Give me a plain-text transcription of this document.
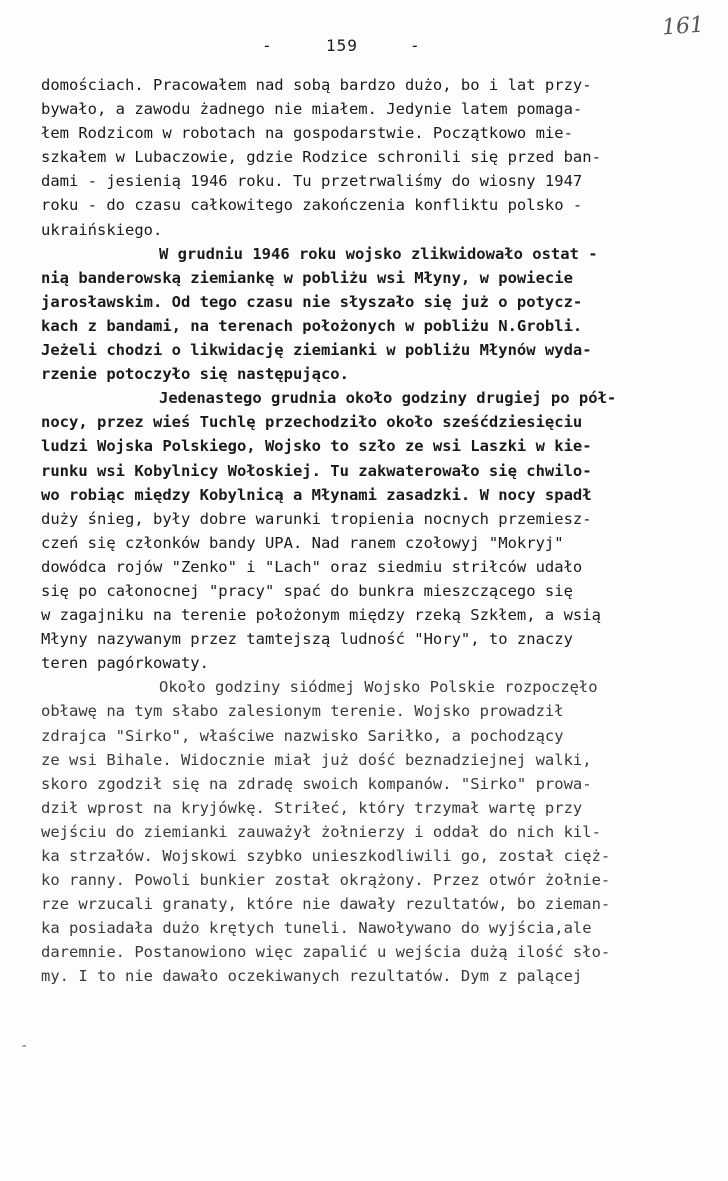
-	159	-
161
domościach. Pracowałem nad sobą bardzo dużo, bo i lat przy-
bywało, a zawodu żadnego nie miałem. Jedynie latem pomaga-
łem Rodzicom w robotach na gospodarstwie. Początkowo mie-
szkałem w Lubaczowie, gdzie Rodzice schronili się przed ban-
dami - jesienią 1946 roku. Tu przetrwaliśmy do wiosny 1947
roku - do czasu całkowitego zakończenia konfliktu polsko -
ukraińskiego.
W grudniu 1946 roku wojsko zlikwidowało ostat -
nią banderowską ziemiankę w pobliżu wsi Młyny, w powiecie
jarosławskim. Od tego czasu nie słyszało się już o potycz-
kach z bandami, na terenach położonych w pobliżu N.Grobli.
Jeżeli chodzi o likwidację ziemianki w pobliżu Młynów wyda-
rzenie potoczyło się następująco.
Jedenastego grudnia około godziny drugiej po pół-
nocy, przez wieś Tuchlę przechodziło około sześćdziesięciu
ludzi Wojska Polskiego, Wojsko to szło ze wsi Laszki w kie-
runku wsi Kobylnicy Wołoskiej. Tu zakwaterowało się chwilo-
wo robiąc między Kobylnicą a Młynami zasadzki. W nocy spadł
duży śnieg, były dobre warunki tropienia nocnych przemiesz-
czeń się członków bandy UPA. Nad ranem czołowyj "Mokryj"
dowódca rojów "Zenko" i "Lach" oraz siedmiu striłców udało
się po całonocnej "pracy" spać do bunkra mieszczącego się
w zagajniku na terenie położonym między rzeką Szkłem, a wsią
Młyny nazywanym przez tamtejszą ludność "Hory", to znaczy
teren pagórkowaty.
Około godziny siódmej Wojsko Polskie rozpoczęło
obławę na tym słabo zalesionym terenie. Wojsko prowadził
zdrajca "Sirko", właściwe nazwisko Sariłko, a pochodzący
ze wsi Bihale. Widocznie miał już dość beznadziejnej walki,
skoro zgodził się na zdradę swoich kompanów. "Sirko" prowa-
dził wprost na kryjówkę. Striłeć, który trzymał wartę przy
wejściu do ziemianki zauważył żołnierzy i oddał do nich kil-
ka strzałów. Wojskowi szybko unieszkodliwili go, został cięż-
ko ranny. Powoli bunkier został okrążony. Przez otwór żołnie-
rze wrzucali granaty, które nie dawały rezultatów, bo zieman-
ka posiadała dużo krętych tuneli. Nawoływano do wyjścia,ale
daremnie. Postanowiono więc zapalić u wejścia dużą ilość sło-
my. I to nie dawało oczekiwanych rezultatów. Dym z palącej
-
